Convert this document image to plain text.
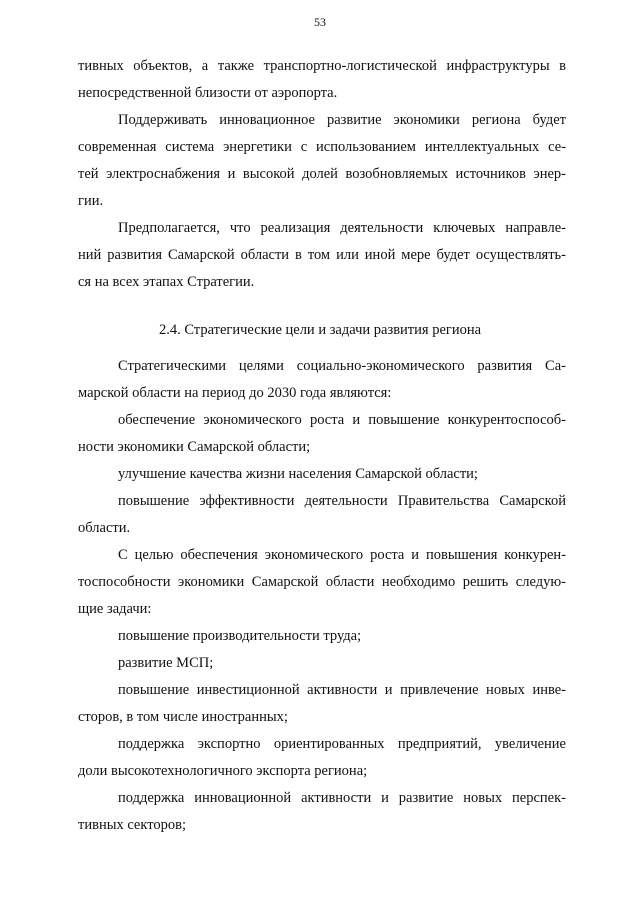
53
тивных объектов, а также транспортно-логистической инфраструктуры в
непосредственной близости от аэропорта.
Поддерживать инновационное развитие экономики региона будет
современная система энергетики с использованием интеллектуальных се-
тей электроснабжения и высокой долей возобновляемых источников энер-
гии.
Предполагается, что реализация деятельности ключевых направле-
ний развития Самарской области в том или иной мере будет осуществлять-
ся на всех этапах Стратегии.
2.4. Стратегические цели и задачи развития региона
Стратегическими целями социально-экономического развития Са-
марской области на период до 2030 года являются:
обеспечение экономического роста и повышение конкурентоспособ-
ности экономики Самарской области;
улучшение качества жизни населения Самарской области;
повышение эффективности деятельности Правительства Самарской
области.
С целью обеспечения экономического роста и повышения конкурен-
тоспособности экономики Самарской области необходимо решить следую-
щие задачи:
повышение производительности труда;
развитие МСП;
повышение инвестиционной активности и привлечение новых инве-
сторов, в том числе иностранных;
поддержка экспортно ориентированных предприятий, увеличение
доли высокотехнологичного экспорта региона;
поддержка инновационной активности и развитие новых перспек-
тивных секторов;
